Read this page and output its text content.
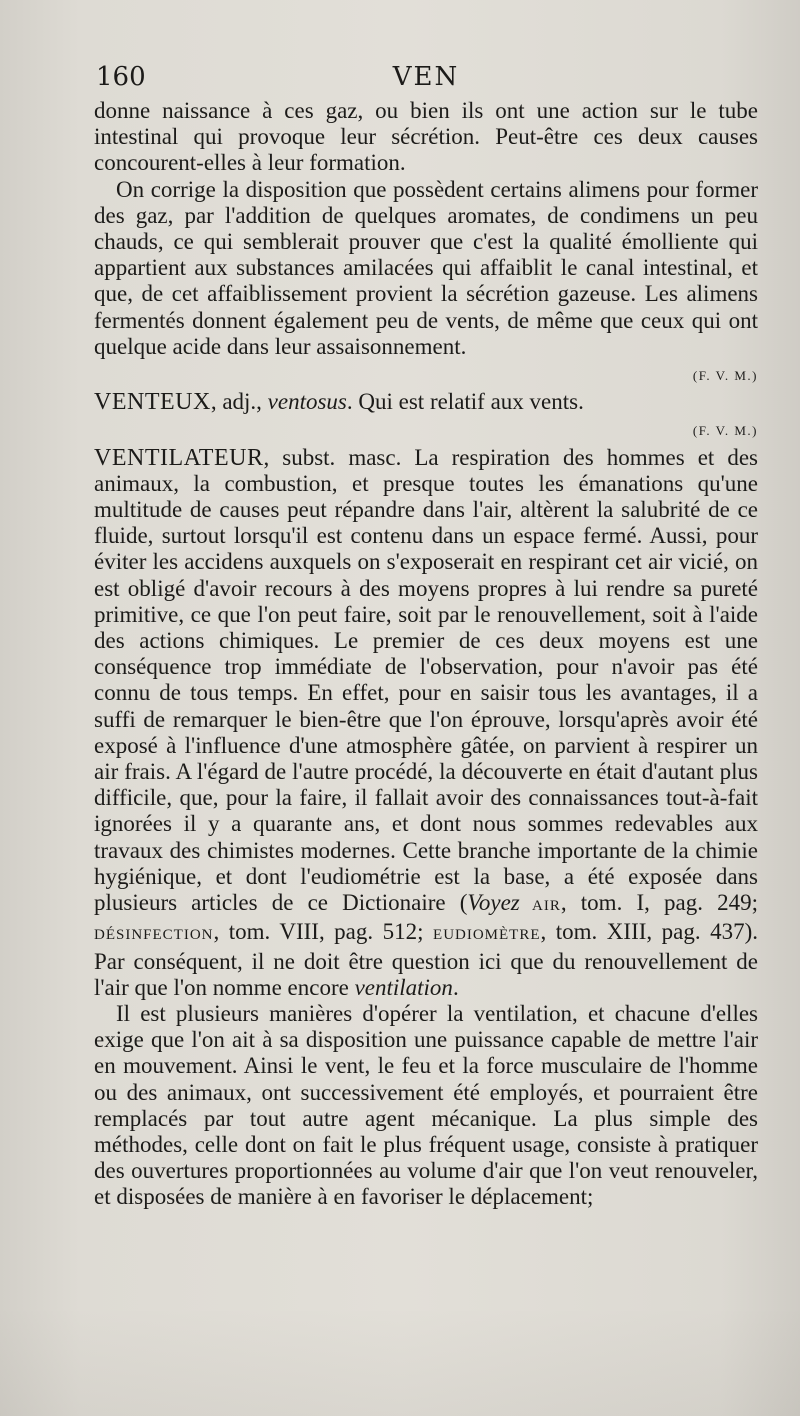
160	VEN

donne naissance à ces gaz, ou bien ils ont une action sur le tube intestinal qui provoque leur sécrétion. Peut-être ces deux causes concourent-elles à leur formation.

On corrige la disposition que possèdent certains alimens pour former des gaz, par l'addition de quelques aromates, de condimens un peu chauds, ce qui semblerait prouver que c'est la qualité émolliente qui appartient aux substances amilacées qui affaiblit le canal intestinal, et que, de cet affaiblissement provient la sécrétion gazeuse. Les alimens fermentés donnent également peu de vents, de même que ceux qui ont quelque acide dans leur assaisonnement.

(F. V. M.)

VENTEUX, adj., ventosus. Qui est relatif aux vents.

(F. V. M.)

VENTILATEUR, subst. masc. La respiration des hommes et des animaux, la combustion, et presque toutes les émanations qu'une multitude de causes peut répandre dans l'air, altèrent la salubrité de ce fluide, surtout lorsqu'il est contenu dans un espace fermé. Aussi, pour éviter les accidens auxquels on s'exposerait en respirant cet air vicié, on est obligé d'avoir recours à des moyens propres à lui rendre sa pureté primitive, ce que l'on peut faire, soit par le renouvellement, soit à l'aide des actions chimiques. Le premier de ces deux moyens est une conséquence trop immédiate de l'observation, pour n'avoir pas été connu de tous temps. En effet, pour en saisir tous les avantages, il a suffi de remarquer le bien-être que l'on éprouve, lorsqu'après avoir été exposé à l'influence d'une atmosphère gâtée, on parvient à respirer un air frais. A l'égard de l'autre procédé, la découverte en était d'autant plus difficile, que, pour la faire, il fallait avoir des connaissances tout-à-fait ignorées il y a quarante ans, et dont nous sommes redevables aux travaux des chimistes modernes. Cette branche importante de la chimie hygiénique, et dont l'eudiométrie est la base, a été exposée dans plusieurs articles de ce Dictionaire (Voyez AIR, tom. I, pag. 249; DÉSINFECTION, tom. VIII, pag. 512; EUDIOMÈTRE, tom. XIII, pag. 437). Par conséquent, il ne doit être question ici que du renouvellement de l'air que l'on nomme encore ventilation.

Il est plusieurs manières d'opérer la ventilation, et chacune d'elles exige que l'on ait à sa disposition une puissance capable de mettre l'air en mouvement. Ainsi le vent, le feu et la force musculaire de l'homme ou des animaux, ont successivement été employés, et pourraient être remplacés par tout autre agent mécanique. La plus simple des méthodes, celle dont on fait le plus fréquent usage, consiste à pratiquer des ouvertures proportionnées au volume d'air que l'on veut renouveler, et disposées de manière à en favoriser le déplacement;
